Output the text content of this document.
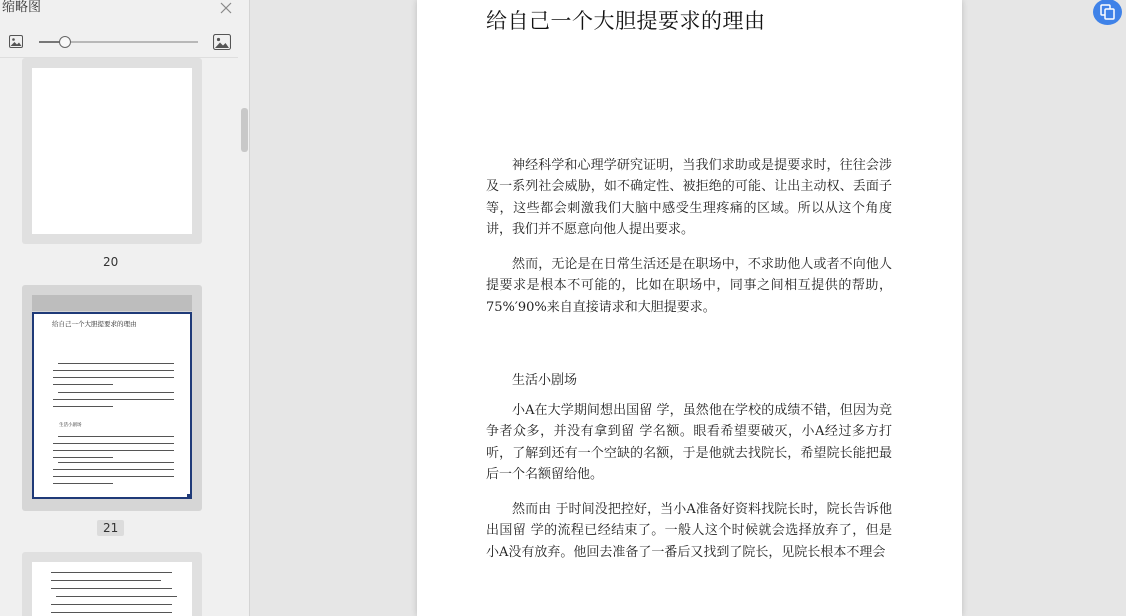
缩略图
20
给自己一个大胆提要求的理由
生活小剧场
21
给自己一个大胆提要求的理由

神经科学和心理学研究证明，当我们求助或是提要求时，往往会涉及一系列社会威胁，如不确定性、被拒绝的可能、让出主动权、丢面子等，这些都会刺激我们大脑中感受生理疼痛的区域。所以从这个角度讲，我们并不愿意向他人提出要求。

然而，无论是在日常生活还是在职场中，不求助他人或者不向他人提要求是根本不可能的，比如在职场中，同事之间相互提供的帮助，75%′90%来自直接请求和大胆提要求。

生活小剧场

小A在大学期间想出国留 学，虽然他在学校的成绩不错，但因为竞争者众多，并没有拿到留 学名额。眼看希望要破灭，小A经过多方打听，了解到还有一个空缺的名额，于是他就去找院长，希望院长能把最后一个名额留给他。

然而由 于时间没把控好，当小A准备好资料找院长时，院长告诉他出国留 学的流程已经结束了。一般人这个时候就会选择放弃了，但是小A没有放弃。他回去准备了一番后又找到了院长，见院长根本不理会
